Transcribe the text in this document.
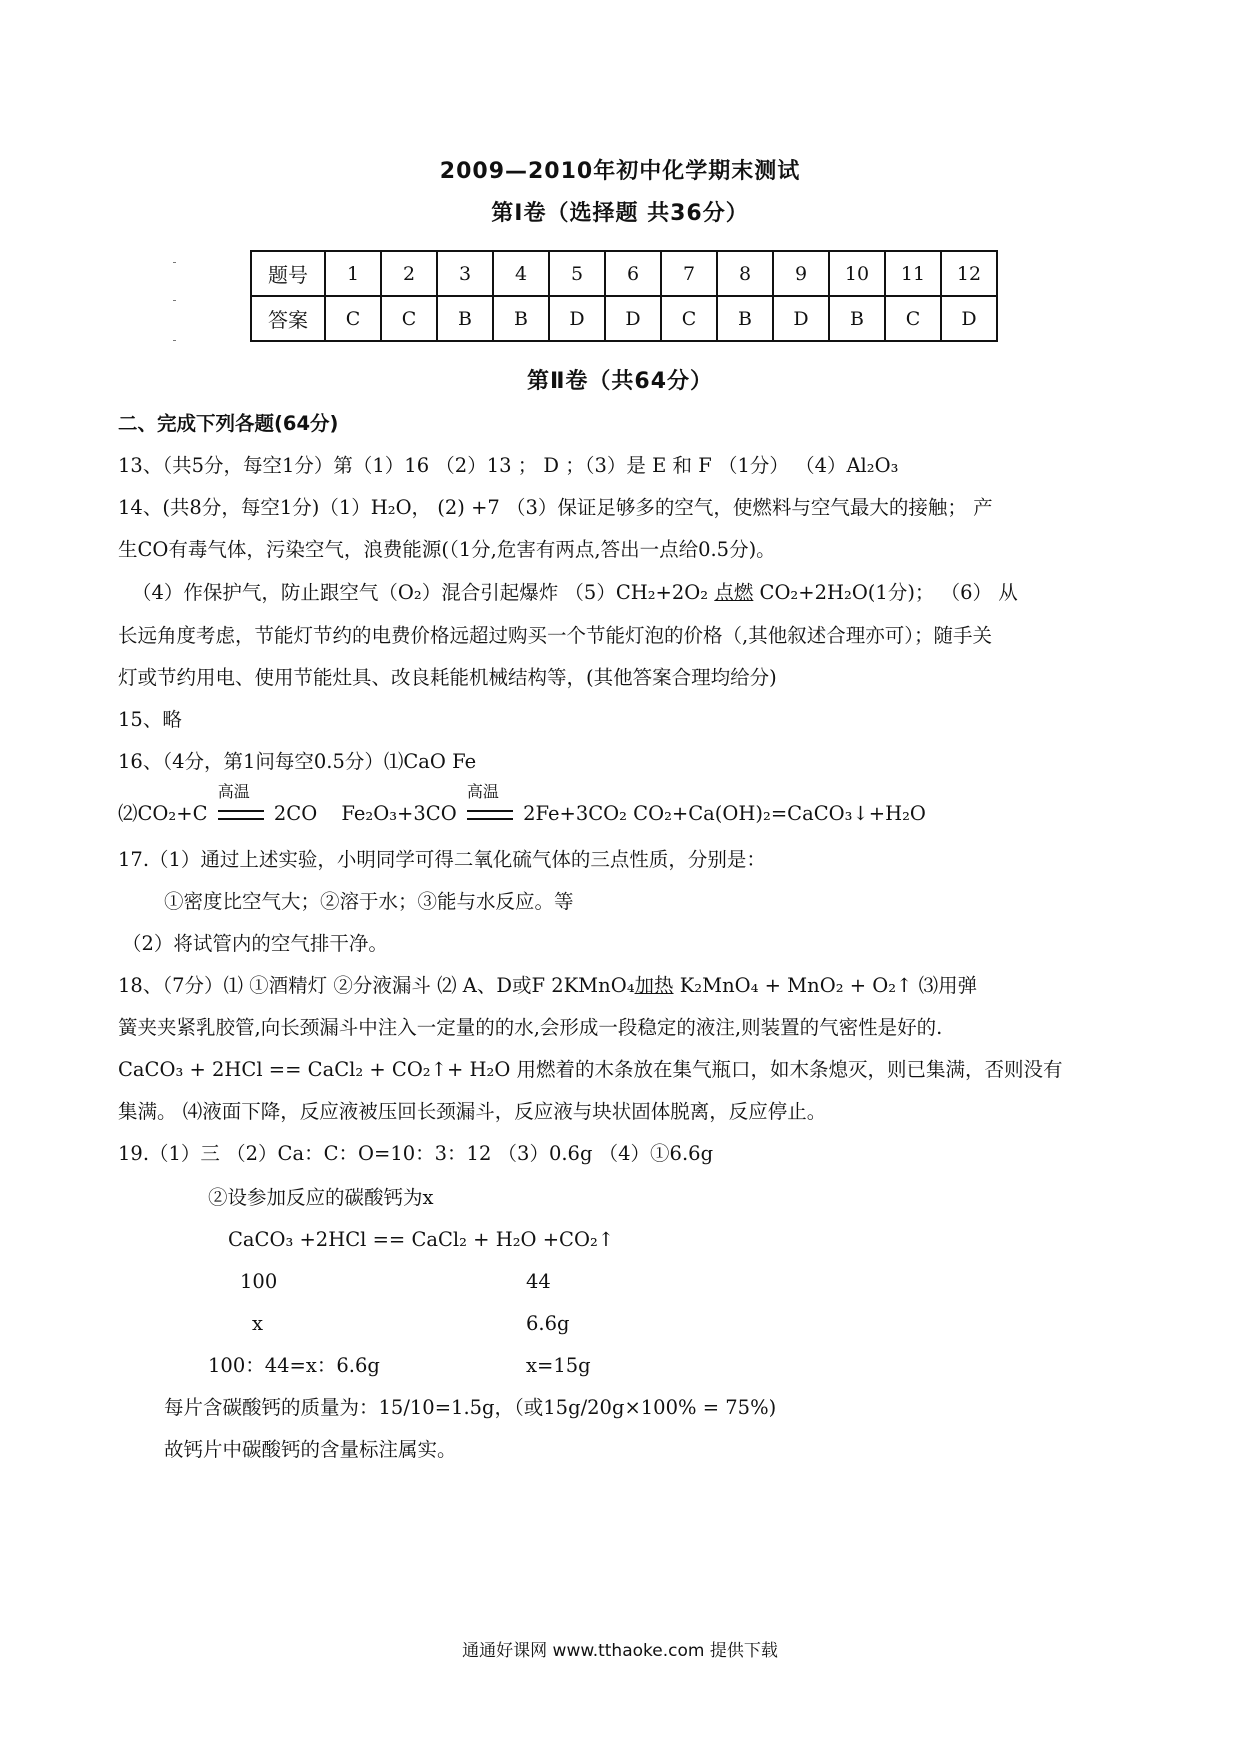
2009—2010年初中化学期末测试
第Ⅰ卷（选择题 共36分）
题号	1	2	3	4	5	6	7	8	9	10	11	12
答案	C	C	B	B	D	D	C	B	D	B	C	D
第Ⅱ卷（共64分）
二、完成下列各题(64分)
13、（共5分，每空1分）第（1）16 （2）13 ； D ；（3）是 E 和 F （1分） （4）Al₂O₃
14、(共8分，每空1分)（1）H₂O， (2) +7 （3）保证足够多的空气，使燃料与空气最大的接触； 产
生CO有毒气体，污染空气，浪费能源(（1分,危害有两点,答出一点给0.5分)。
（4）作保护气，防止跟空气（O₂）混合引起爆炸 （5）CH₂+2O₂ 点燃 CO₂+2H₂O(1分)； （6） 从
长远角度考虑，节能灯节约的电费价格远超过购买一个节能灯泡的价格（,其他叙述合理亦可）；随手关
灯或节约用电、使用节能灶具、改良耗能机械结构等，(其他答案合理均给分)
15、略
16、（4分，第1问每空0.5分）⑴CaO Fe
⑵CO₂+C
高温
2CO Fe₂O₃+3CO
高温
2Fe+3CO₂ CO₂+Ca(OH)₂=CaCO₃↓+H₂O
17.（1）通过上述实验，小明同学可得二氧化硫气体的三点性质，分别是：
①密度比空气大；②溶于水；③能与水反应。等
（2）将试管内的空气排干净。
18、（7分）⑴ ①酒精灯 ②分液漏斗 ⑵ A、D或F 2KMnO₄加热 K₂MnO₄ + MnO₂ + O₂↑ ⑶用弹
簧夹夹紧乳胶管,向长颈漏斗中注入一定量的的水,会形成一段稳定的液注,则装置的气密性是好的.
CaCO₃ + 2HCl == CaCl₂ + CO₂↑+ H₂O 用燃着的木条放在集气瓶口，如木条熄灭，则已集满，否则没有
集满。 ⑷液面下降，反应液被压回长颈漏斗，反应液与块状固体脱离，反应停止。
19.（1）三 （2）Ca：C：O=10：3：12 （3）0.6g （4）①6.6g
②设参加反应的碳酸钙为x
CaCO₃ +2HCl == CaCl₂ + H₂O +CO₂↑
100	44
x	6.6g
100：44=x：6.6g	x=15g
每片含碳酸钙的质量为：15/10=1.5g，（或15g/20g×100% = 75%)
故钙片中碳酸钙的含量标注属实。
通通好课网 www.tthaoke.com 提供下载
